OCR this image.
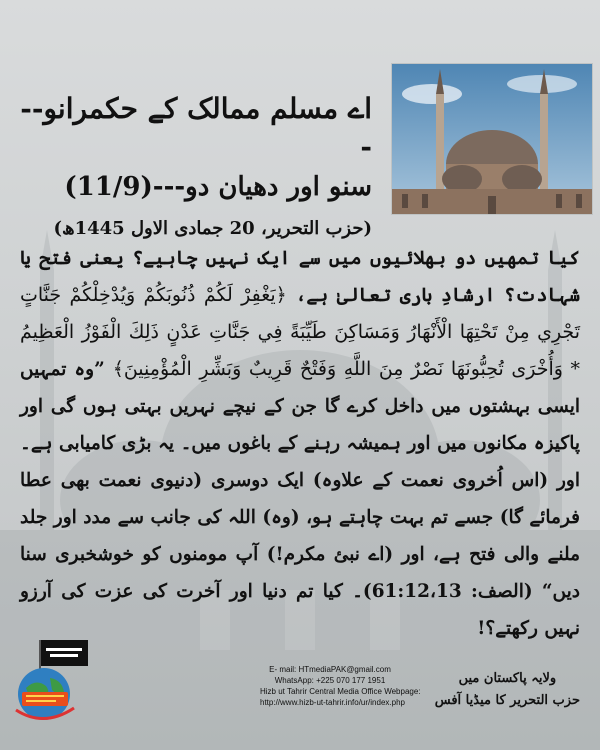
اے مسلم ممالک کے حکمرانو---
سنو اور دھیان دو---(11/9)
(حزب التحریر، 20 جمادی الاول 1445ھ)
کیا تمھیں دو بھلائیوں میں سے ایک نہیں چاہیے؟ یعنی فتح یا شہادت؟ ارشادِ باری تعالیٰ ہے، ﴿يَغْفِرْ لَكُمْ ذُنُوبَكُمْ وَيُدْخِلْكُمْ جَنَّاتٍ تَجْرِي مِنْ تَحْتِهَا الْأَنْهَارُ وَمَسَاكِنَ طَيِّبَةً فِي جَنَّاتِ عَدْنٍ ذَلِكَ الْفَوْزُ الْعَظِيمُ * وَأُخْرَى تُحِبُّونَهَا نَصْرٌ مِنَ اللَّهِ وَفَتْحٌ قَرِيبٌ وَبَشِّرِ الْمُؤْمِنِينَ﴾ ”وہ تمہیں ایسی بہشتوں میں داخل کرے گا جن کے نیچے نہریں بہتی ہوں گی اور پاکیزہ مکانوں میں اور ہمیشہ رہنے کے باغوں میں۔ یہ بڑی کامیابی ہے۔ اور (اس اُخروی نعمت کے علاوہ) ایک دوسری (دنیوی نعمت بھی عطا فرمائے گا) جسے تم بہت چاہتے ہو، (وہ) اللہ کی جانب سے مدد اور جلد ملنے والی فتح ہے، اور (اے نبئ مکرم!) آپ مومنوں کو خوشخبری سنا دیں“ (الصف: 61:12،13)۔ کیا تم دنیا اور آخرت کی عزت کی آرزو نہیں رکھتے؟!
ولایہ پاکستان میں
حزب التحریر کا میڈیا آفس
E- mail: HTmediaPAK@gmail.com
WhatsApp: +225 070 177 1951
Hizb ut Tahrir Central Media Office Webpage:
http://www.hizb-ut-tahrir.info/ur/index.php
